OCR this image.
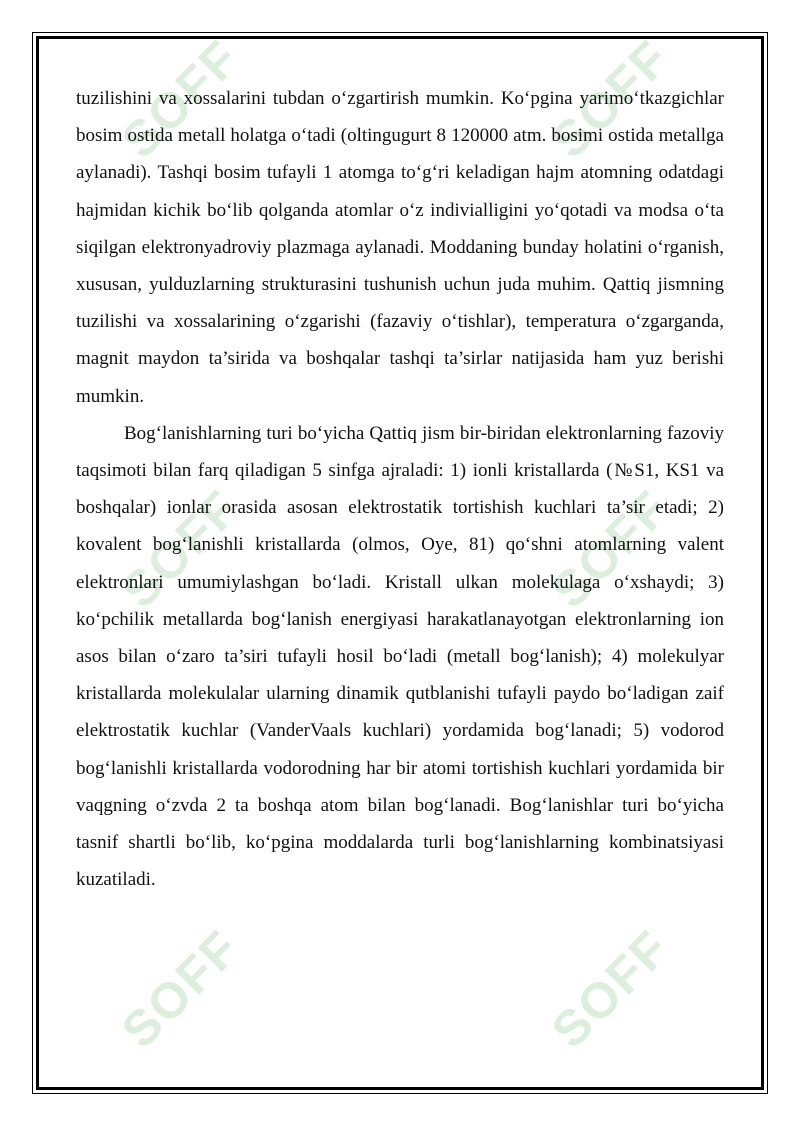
SOFF	SOFF
SOFF	SOFF
SOFF	SOFF

tuzilishini va xossalarini tubdan o‘zgartirish mumkin. Ko‘pgina yarimo‘tkazgichlar bosim ostida metall holatga o‘tadi (oltingugurt 8 120000 atm. bosimi ostida metallga aylanadi). Tashqi bosim tufayli 1 atomga to‘g‘ri keladigan hajm atomning odatdagi hajmidan kichik bo‘lib qolganda atomlar o‘z indivialligini yo‘qotadi va modsa o‘ta siqilgan elektronyadroviy plazmaga aylanadi. Moddaning bunday holatini o‘rganish, xususan, yulduzlarning strukturasini tushunish uchun juda muhim. Qattiq jismning tuzilishi va xossalarining o‘zgarishi (fazaviy o‘tishlar), temperatura o‘zgarganda, magnit maydon ta’sirida va boshqalar tashqi ta’sirlar natijasida ham yuz berishi mumkin.

Bog‘lanishlarning turi bo‘yicha Qattiq jism bir-biridan elektronlarning fazoviy taqsimoti bilan farq qiladigan 5 sinfga ajraladi: 1) ionli kristallarda (№S1, KS1 va boshqalar) ionlar orasida asosan elektrostatik tortishish kuchlari ta’sir etadi; 2) kovalent bog‘lanishli kristallarda (olmos, Oye, 81) qo‘shni atomlarning valent elektronlari umumiylashgan bo‘ladi. Kristall ulkan molekulaga o‘xshaydi; 3) ko‘pchilik metallarda bog‘lanish energiyasi harakatlanayotgan elektronlarning ion asos bilan o‘zaro ta’siri tufayli hosil bo‘ladi (metall bog‘lanish); 4) molekulyar kristallarda molekulalar ularning dinamik qutblanishi tufayli paydo bo‘ladigan zaif elektrostatik kuchlar (VanderVaals kuchlari) yordamida bog‘lanadi; 5) vodorod bog‘lanishli kristallarda vodorodning har bir atomi tortishish kuchlari yordamida bir vaqgning o‘zvda 2 ta boshqa atom bilan bog‘lanadi. Bog‘lanishlar turi bo‘yicha tasnif shartli bo‘lib, ko‘pgina moddalarda turli bog‘lanishlarning kombinatsiyasi kuzatiladi.
